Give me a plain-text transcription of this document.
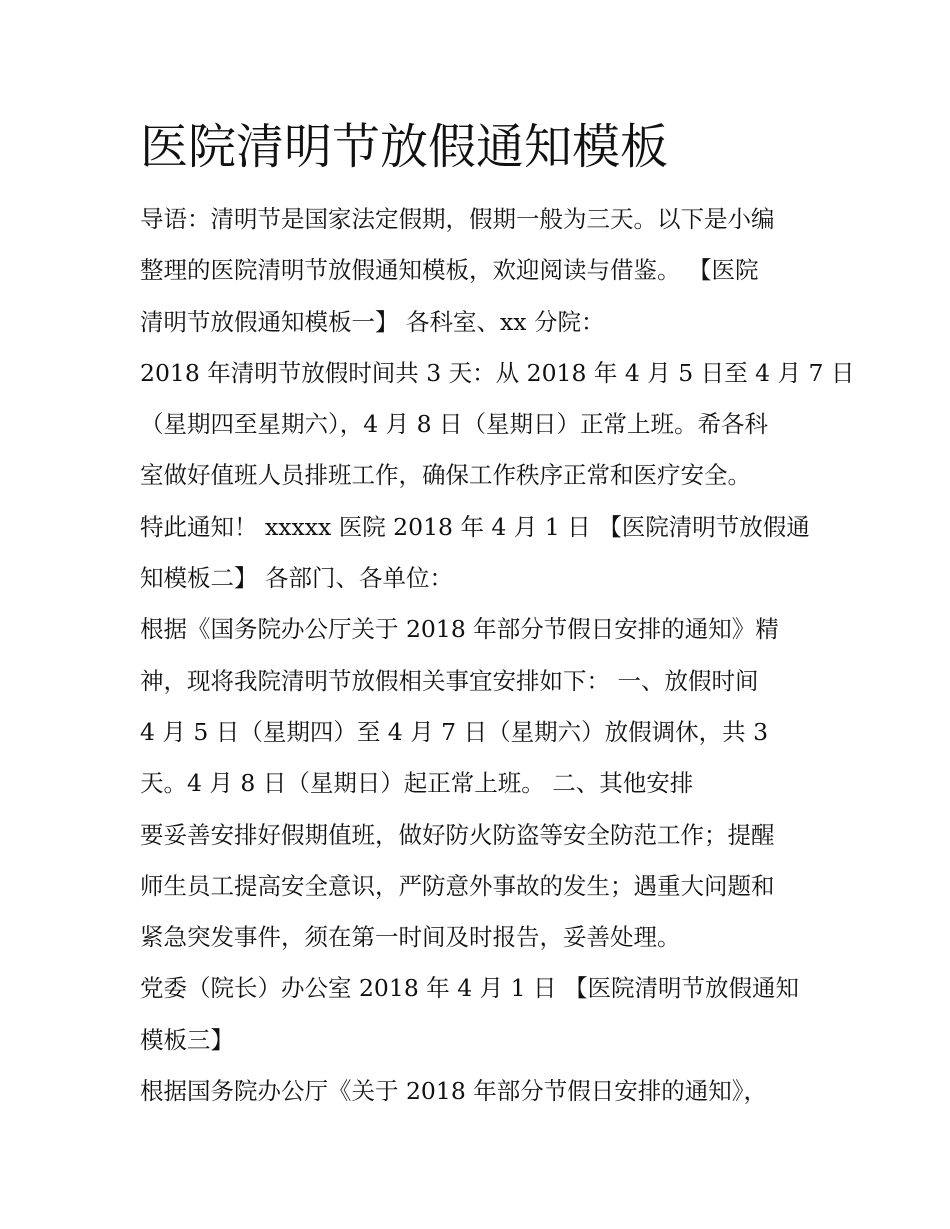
医院清明节放假通知模板
导语：清明节是国家法定假期，假期一般为三天。以下是小编
整理的医院清明节放假通知模板，欢迎阅读与借鉴。 【医院
清明节放假通知模板一】 各科室、xx 分院：
2018 年清明节放假时间共 3 天：从 2018 年 4 月 5 日至 4 月 7 日
（星期四至星期六），4 月 8 日（星期日）正常上班。希各科
室做好值班人员排班工作，确保工作秩序正常和医疗安全。
特此通知！ xxxxx 医院 2018 年 4 月 1 日 【医院清明节放假通
知模板二】 各部门、各单位：
根据《国务院办公厅关于 2018 年部分节假日安排的通知》精
神，现将我院清明节放假相关事宜安排如下： 一、放假时间
4 月 5 日（星期四）至 4 月 7 日（星期六）放假调休，共 3
天。4 月 8 日（星期日）起正常上班。 二、其他安排
要妥善安排好假期值班，做好防火防盗等安全防范工作；提醒
师生员工提高安全意识，严防意外事故的发生；遇重大问题和
紧急突发事件，须在第一时间及时报告，妥善处理。
党委（院长）办公室 2018 年 4 月 1 日 【医院清明节放假通知
模板三】
根据国务院办公厅《关于 2018 年部分节假日安排的通知》，
